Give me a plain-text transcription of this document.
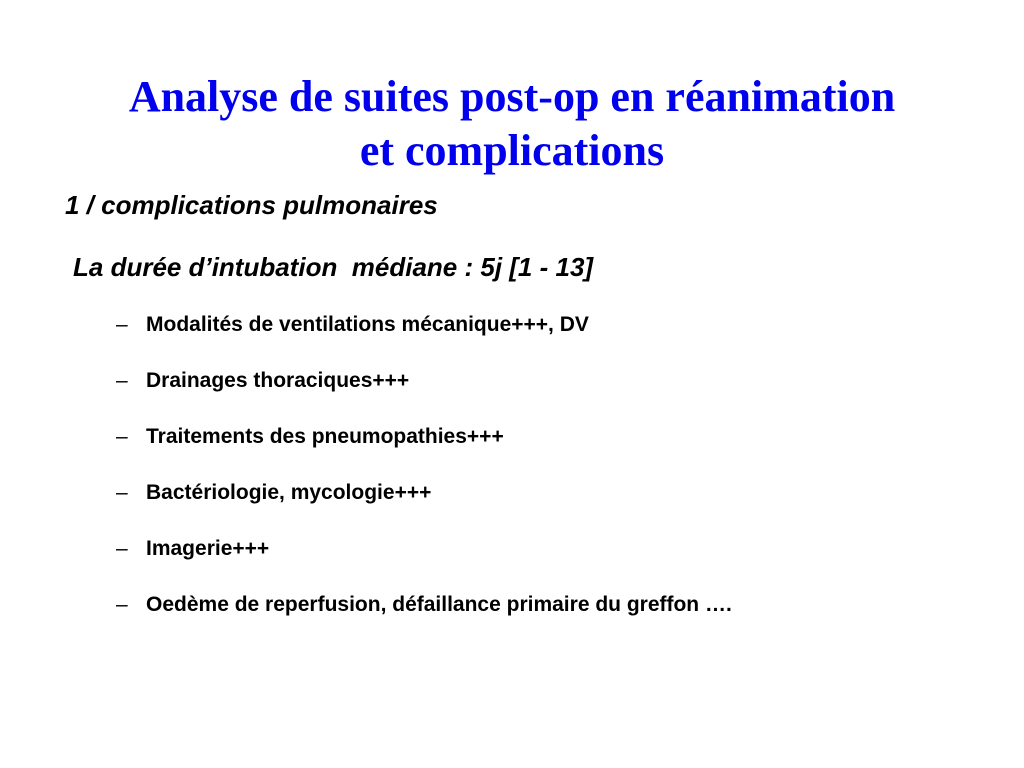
Analyse de suites post-op en réanimation
et complications
1 / complications pulmonaires
La durée d’intubation  médiane : 5j [1 - 13]
– Modalités de ventilations mécanique+++, DV
– Drainages thoraciques+++
– Traitements des pneumopathies+++
– Bactériologie, mycologie+++
– Imagerie+++
– Oedème de reperfusion, défaillance primaire du greffon ….
